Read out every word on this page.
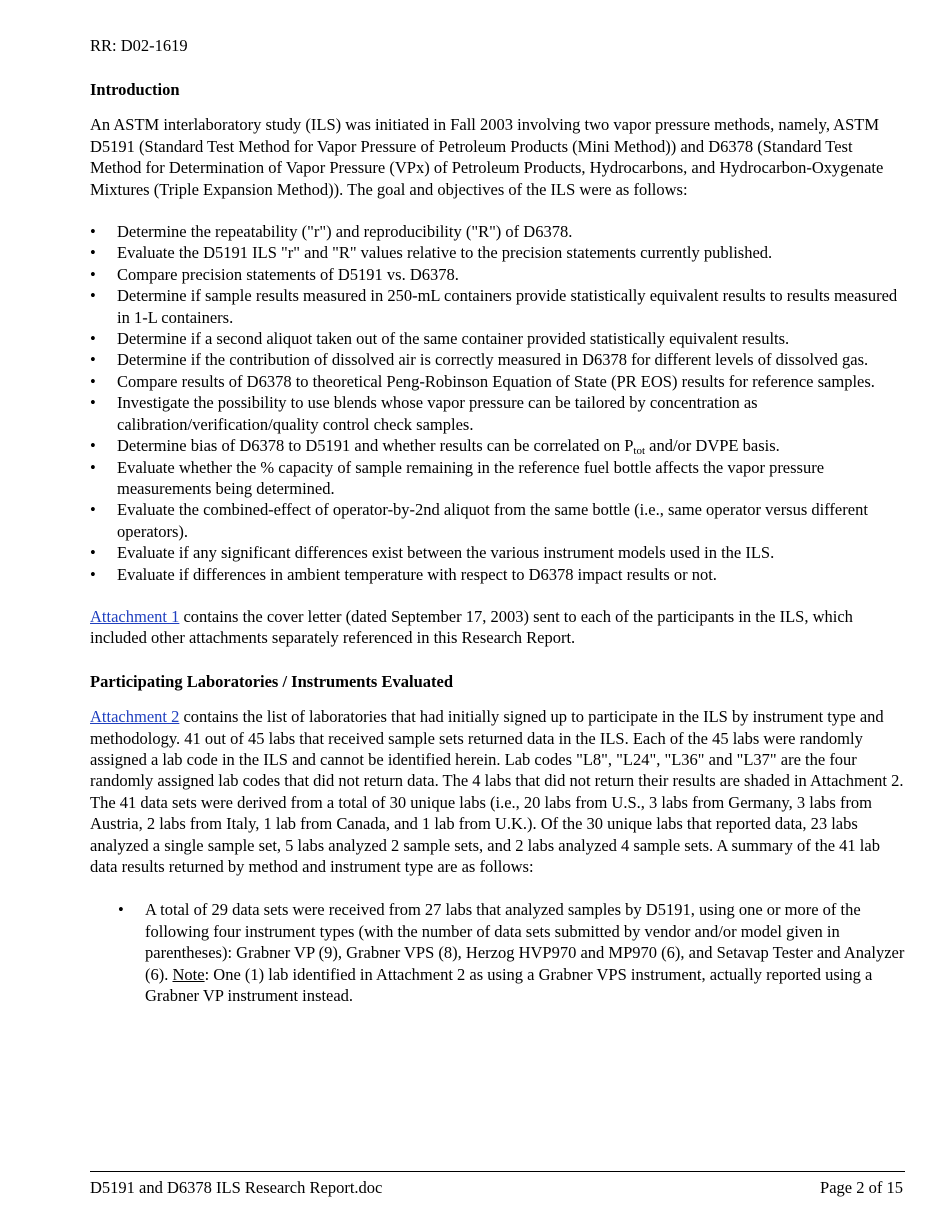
RR: D02-1619

Introduction

An ASTM interlaboratory study (ILS) was initiated in Fall 2003 involving two vapor pressure methods, namely, ASTM D5191 (Standard Test Method for Vapor Pressure of Petroleum Products (Mini Method)) and D6378 (Standard Test Method for Determination of Vapor Pressure (VPx) of Petroleum Products, Hydrocarbons, and Hydrocarbon-Oxygenate Mixtures (Triple Expansion Method)). The goal and objectives of the ILS were as follows:

• Determine the repeatability ("r") and reproducibility ("R") of D6378.
• Evaluate the D5191 ILS "r" and "R" values relative to the precision statements currently published.
• Compare precision statements of D5191 vs. D6378.
• Determine if sample results measured in 250-mL containers provide statistically equivalent results to results measured in 1-L containers.
• Determine if a second aliquot taken out of the same container provided statistically equivalent results.
• Determine if the contribution of dissolved air is correctly measured in D6378 for different levels of dissolved gas.
• Compare results of D6378 to theoretical Peng-Robinson Equation of State (PR EOS) results for reference samples.
• Investigate the possibility to use blends whose vapor pressure can be tailored by concentration as calibration/verification/quality control check samples.
• Determine bias of D6378 to D5191 and whether results can be correlated on $P_{tot}$ and/or DVPE basis.
• Evaluate whether the % capacity of sample remaining in the reference fuel bottle affects the vapor pressure measurements being determined.
• Evaluate the combined-effect of operator-by-2nd aliquot from the same bottle (i.e., same operator versus different operators).
• Evaluate if any significant differences exist between the various instrument models used in the ILS.
• Evaluate if differences in ambient temperature with respect to D6378 impact results or not.

Attachment 1 contains the cover letter (dated September 17, 2003) sent to each of the participants in the ILS, which included other attachments separately referenced in this Research Report.

Participating Laboratories / Instruments Evaluated

Attachment 2 contains the list of laboratories that had initially signed up to participate in the ILS by instrument type and methodology. 41 out of 45 labs that received sample sets returned data in the ILS. Each of the 45 labs were randomly assigned a lab code in the ILS and cannot be identified herein. Lab codes "L8", "L24", "L36" and "L37" are the four randomly assigned lab codes that did not return data. The 4 labs that did not return their results are shaded in Attachment 2. The 41 data sets were derived from a total of 30 unique labs (i.e., 20 labs from U.S., 3 labs from Germany, 3 labs from Austria, 2 labs from Italy, 1 lab from Canada, and 1 lab from U.K.). Of the 30 unique labs that reported data, 23 labs analyzed a single sample set, 5 labs analyzed 2 sample sets, and 2 labs analyzed 4 sample sets. A summary of the 41 lab data results returned by method and instrument type are as follows:

• A total of 29 data sets were received from 27 labs that analyzed samples by D5191, using one or more of the following four instrument types (with the number of data sets submitted by vendor and/or model given in parentheses): Grabner VP (9), Grabner VPS (8), Herzog HVP970 and MP970 (6), and Setavap Tester and Analyzer (6). Note: One (1) lab identified in Attachment 2 as using a Grabner VPS instrument, actually reported using a Grabner VP instrument instead.
D5191 and D6378 ILS Research Report.doc	Page 2 of 15
